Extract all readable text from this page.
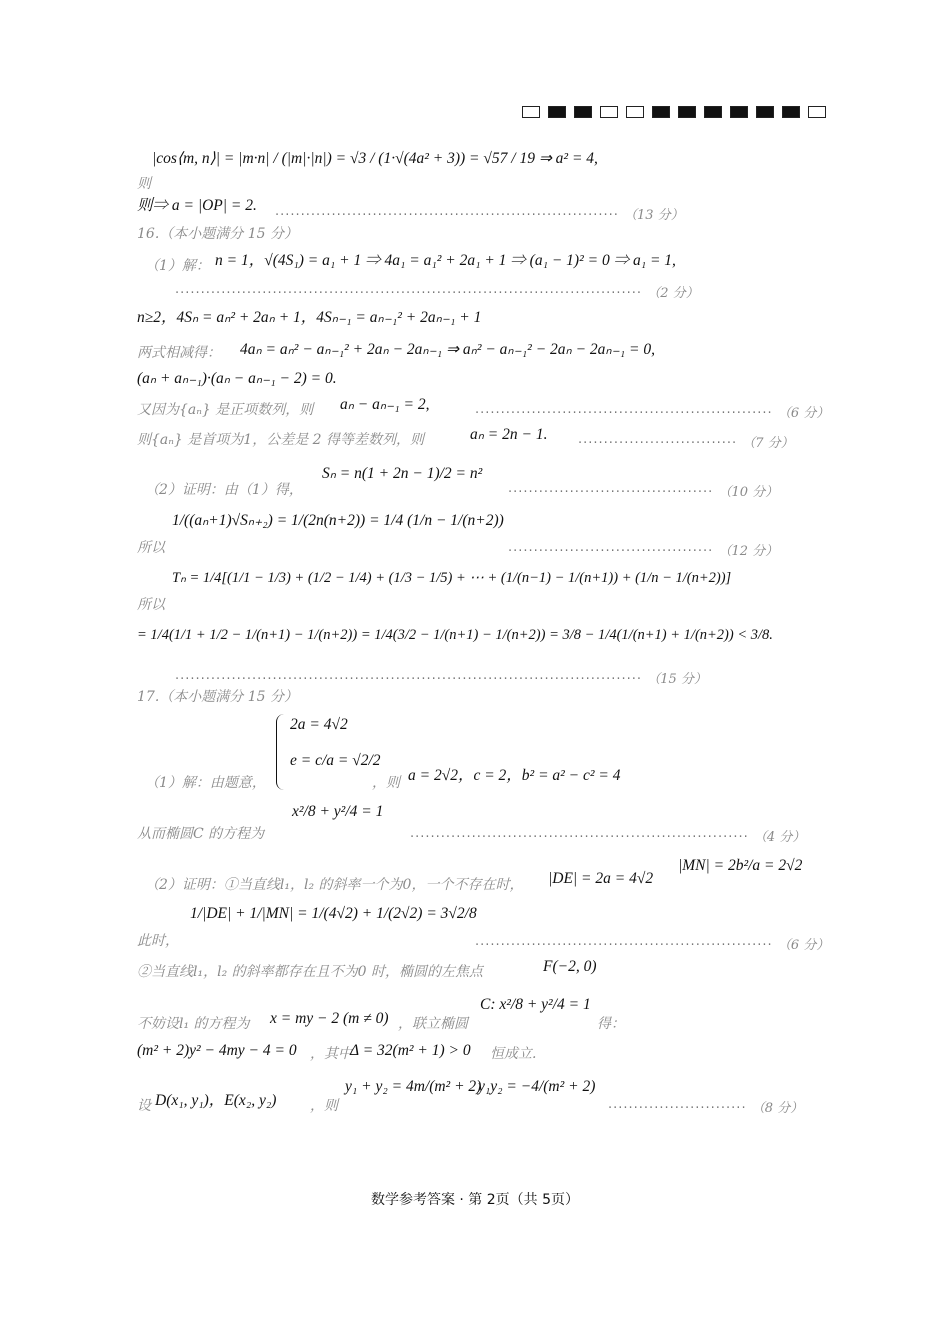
|cos⟨m, n⟩| = |m·n| / (|m|·|n|) = √3 / (1·√(4a² + 3)) = √57 / 19 ⇒ a² = 4,
则
则⇒ a = |OP| = 2.
··································································· （13 分）
16.（本小题满分 15 分）
（1）解： n = 1，√(4S₁) = a₁ + 1 ⇒ 4a₁ = a₁² + 2a₁ + 1 ⇒ (a₁ − 1)² = 0 ⇒ a₁ = 1,
··························································································· （2 分）
n≥2，4Sₙ = aₙ² + 2aₙ + 1，4Sₙ₋₁ = aₙ₋₁² + 2aₙ₋₁ + 1
两式相减得： 4aₙ = aₙ² − aₙ₋₁² + 2aₙ − 2aₙ₋₁ ⇒ aₙ² − aₙ₋₁² − 2aₙ − 2aₙ₋₁ = 0,
(aₙ + aₙ₋₁)·(aₙ − aₙ₋₁ − 2) = 0.
又因为{aₙ} 是正项数列，则 aₙ − aₙ₋₁ = 2,
·························································· （6 分）
则{aₙ} 是首项为1，公差是 2 得等差数列，则	aₙ = 2n − 1.
······························· （7 分）
（2）证明：由（1）得，
Sₙ = n(1 + 2n − 1)/2 = n²
········································ （10 分）
所以
1/((aₙ+1)√Sₙ₊₂) = 1/(2n(n+2)) = 1/4 (1/n − 1/(n+2))
········································ （12 分）
所以
Tₙ = 1/4[(1/1 − 1/3) + (1/2 − 1/4) + (1/3 − 1/5) + ⋯ + (1/(n−1) − 1/(n+1)) + (1/n − 1/(n+2))]
= 1/4(1/1 + 1/2 − 1/(n+1) − 1/(n+2)) = 1/4(3/2 − 1/(n+1) − 1/(n+2)) = 3/8 − 1/4(1/(n+1) + 1/(n+2)) < 3/8.
··························································································· （15 分）
17.（本小题满分 15 分）
2a = 4√2
e = c/a = √2/2
（1）解：由题意，	，则 a = 2√2，c = 2，b² = a² − c² = 4
x²/8 + y²/4 = 1
从而椭圆C 的方程为	·································································· （4 分）
（2）证明：①当直线l₁，l₂ 的斜率一个为0，一个不存在时， |DE| = 2a = 4√2
|MN| = 2b²/a = 2√2
此时，
1/|DE| + 1/|MN| = 1/(4√2) + 1/(2√2) = 3√2/8
·························································· （6 分）
②当直线l₁，l₂ 的斜率都存在且不为0 时，椭圆的左焦点	F(−2, 0)
不妨设l₁ 的方程为 x = my − 2 (m ≠ 0) ，联立椭圆
C: x²/8 + y²/4 = 1
得：
(m² + 2)y² − 4my − 4 = 0 ，其中
Δ = 32(m² + 1) > 0 恒成立.
设 D(x₁, y₁)，E(x₂, y₂) ，则
y₁ + y₂ = 4m/(m² + 2)
y₁y₂ = −4/(m² + 2)
··························· （8 分）
数学参考答案 · 第 2页（共 5页）
